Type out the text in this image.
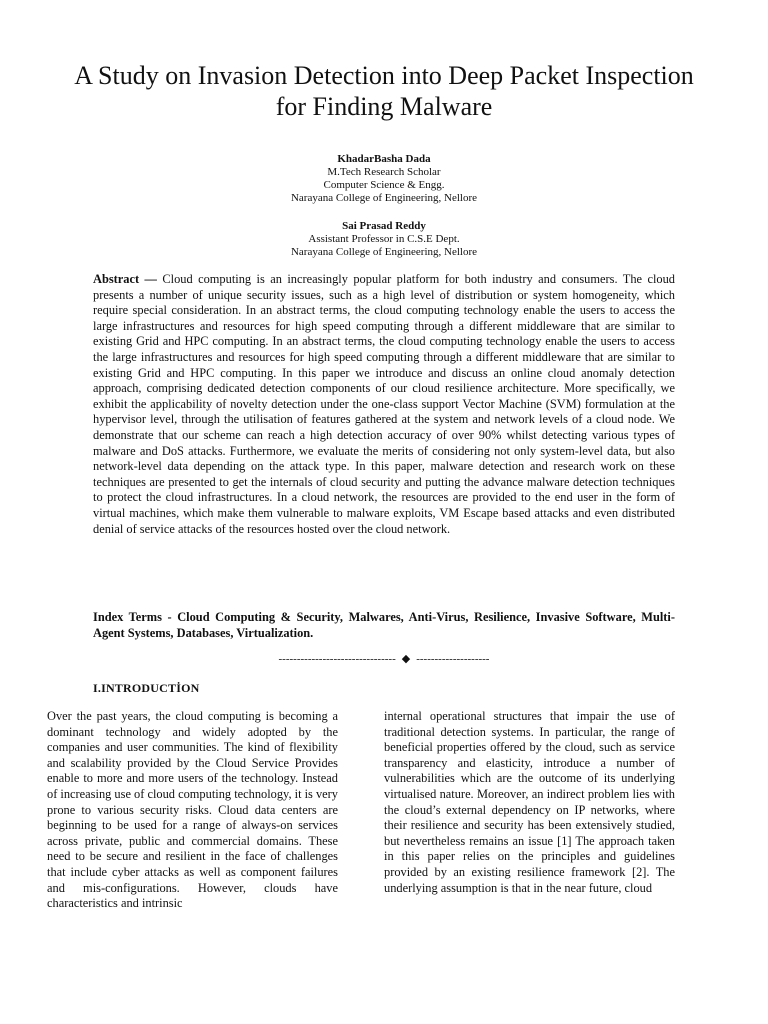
A Study on Invasion Detection into Deep Packet Inspection for Finding Malware
KhadarBasha Dada
M.Tech Research Scholar
Computer Science & Engg.
Narayana College of Engineering, Nellore
Sai Prasad Reddy
Assistant Professor in C.S.E Dept.
Narayana College of Engineering, Nellore

Abstract — Cloud computing is an increasingly popular platform for both industry and consumers. The cloud presents a number of unique security issues, such as a high level of distribution or system homogeneity, which require special consideration. In an abstract terms, the cloud computing technology enable the users to access the large infrastructures and resources for high speed computing through a different middleware that are similar to existing Grid and HPC computing. In an abstract terms, the cloud computing technology enable the users to access the large infrastructures and resources for high speed computing through a different middleware that are similar to existing Grid and HPC computing. In this paper we introduce and discuss an online cloud anomaly detection approach, comprising dedicated detection components of our cloud resilience architecture. More specifically, we exhibit the applicability of novelty detection under the one-class support Vector Machine (SVM) formulation at the hypervisor level, through the utilisation of features gathered at the system and network levels of a cloud node. We demonstrate that our scheme can reach a high detection accuracy of over 90% whilst detecting various types of malware and DoS attacks. Furthermore, we evaluate the merits of considering not only system-level data, but also network-level data depending on the attack type. In this paper, malware detection and research work on these techniques are presented to get the internals of cloud security and putting the advance malware detection techniques to protect the cloud infrastructures. In a cloud network, the resources are provided to the end user in the form of virtual machines, which make them vulnerable to malware exploits, VM Escape based attacks and even distributed denial of service attacks of the resources hosted over the cloud network.

Index Terms - Cloud Computing & Security, Malwares, Anti-Virus, Resilience, Invasive Software, Multi-Agent Systems, Databases, Virtualization.

-------------------------------- ◆ --------------------
I.INTRODUCTİON

Over the past years, the cloud computing is becoming a dominant technology and widely adopted by the companies and user communities. The kind of flexibility and scalability provided by the Cloud Service Provides enable to more and more users of the technology. Instead of increasing use of cloud computing technology, it is very prone to various security risks. Cloud data centers are beginning to be used for a range of always-on services across private, public and commercial domains. These need to be secure and resilient in the face of challenges that include cyber attacks as well as component failures and mis-configurations. However, clouds have characteristics and intrinsic

internal operational structures that impair the use of traditional detection systems. In particular, the range of beneficial properties offered by the cloud, such as service transparency and elasticity, introduce a number of vulnerabilities which are the outcome of its underlying virtualised nature. Moreover, an indirect problem lies with the cloud’s external dependency on IP networks, where their resilience and security has been extensively studied, but nevertheless remains an issue [1] The approach taken in this paper relies on the principles and guidelines provided by an existing resilience framework [2]. The underlying assumption is that in the near future, cloud
